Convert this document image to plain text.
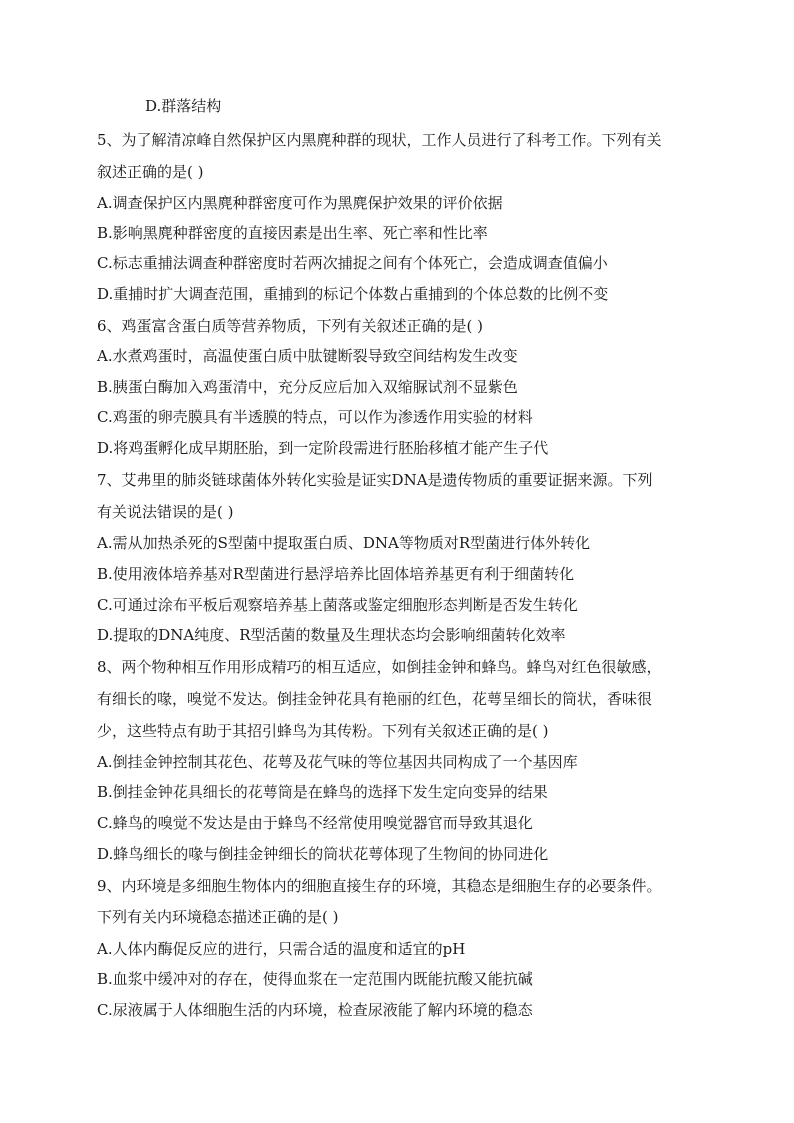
D.群落结构
5、为了解清凉峰自然保护区内黑麂种群的现状，工作人员进行了科考工作。下列有关
叙述正确的是( )
A.调查保护区内黑麂种群密度可作为黑麂保护效果的评价依据
B.影响黑麂种群密度的直接因素是出生率、死亡率和性比率
C.标志重捕法调查种群密度时若两次捕捉之间有个体死亡，会造成调查值偏小
D.重捕时扩大调查范围，重捕到的标记个体数占重捕到的个体总数的比例不变
6、鸡蛋富含蛋白质等营养物质，下列有关叙述正确的是( )
A.水煮鸡蛋时，高温使蛋白质中肽键断裂导致空间结构发生改变
B.胰蛋白酶加入鸡蛋清中，充分反应后加入双缩脲试剂不显紫色
C.鸡蛋的卵壳膜具有半透膜的特点，可以作为渗透作用实验的材料
D.将鸡蛋孵化成早期胚胎，到一定阶段需进行胚胎移植才能产生子代
7、艾弗里的肺炎链球菌体外转化实验是证实DNA是遗传物质的重要证据来源。下列
有关说法错误的是( )
A.需从加热杀死的S型菌中提取蛋白质、DNA等物质对R型菌进行体外转化
B.使用液体培养基对R型菌进行悬浮培养比固体培养基更有利于细菌转化
C.可通过涂布平板后观察培养基上菌落或鉴定细胞形态判断是否发生转化
D.提取的DNA纯度、R型活菌的数量及生理状态均会影响细菌转化效率
8、两个物种相互作用形成精巧的相互适应，如倒挂金钟和蜂鸟。蜂鸟对红色很敏感，
有细长的喙，嗅觉不发达。倒挂金钟花具有艳丽的红色，花萼呈细长的筒状，香味很
少，这些特点有助于其招引蜂鸟为其传粉。下列有关叙述正确的是( )
A.倒挂金钟控制其花色、花萼及花气味的等位基因共同构成了一个基因库
B.倒挂金钟花具细长的花萼筒是在蜂鸟的选择下发生定向变异的结果
C.蜂鸟的嗅觉不发达是由于蜂鸟不经常使用嗅觉器官而导致其退化
D.蜂鸟细长的喙与倒挂金钟细长的筒状花萼体现了生物间的协同进化
9、内环境是多细胞生物体内的细胞直接生存的环境，其稳态是细胞生存的必要条件。
下列有关内环境稳态描述正确的是( )
A.人体内酶促反应的进行，只需合适的温度和适宜的pH
B.血浆中缓冲对的存在，使得血浆在一定范围内既能抗酸又能抗碱
C.尿液属于人体细胞生活的内环境，检查尿液能了解内环境的稳态
